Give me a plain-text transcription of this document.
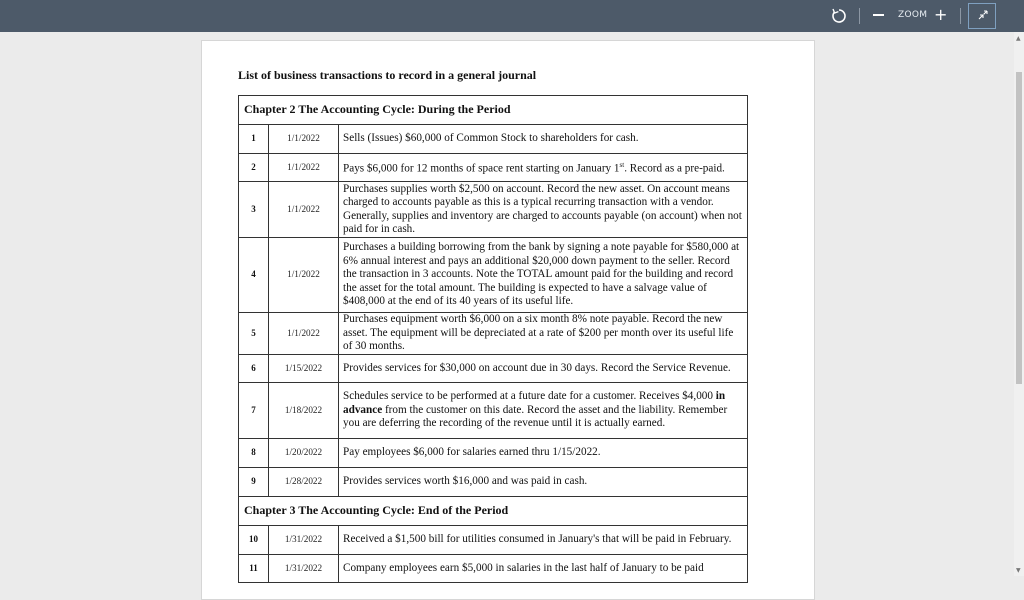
ZOOM +
▲
▼
List of business transactions to record in a general journal
Chapter 2 The Accounting Cycle: During the Period		
1	1/1/2022	Sells (Issues) $60,000 of Common Stock to shareholders for cash.
2	1/1/2022	Pays $6,000 for 12 months of space rent starting on January 1st. Record as a pre-paid.
3	1/1/2022	Purchases supplies worth $2,500 on account. Record the new asset. On account means charged to accounts payable as this is a typical recurring transaction with a vendor. Generally, supplies and inventory are charged to accounts payable (on account) when not paid for in cash.
4	1/1/2022	Purchases a building borrowing from the bank by signing a note payable for $580,000 at 6% annual interest and pays an additional $20,000 down payment to the seller. Record the transaction in 3 accounts. Note the TOTAL amount paid for the building and record the asset for the total amount. The building is expected to have a salvage value of $408,000 at the end of its 40 years of its useful life.
5	1/1/2022	Purchases equipment worth $6,000 on a six month 8% note payable. Record the new asset. The equipment will be depreciated at a rate of $200 per month over its useful life of 30 months.
6	1/15/2022	Provides services for $30,000 on account due in 30 days. Record the Service Revenue.
7	1/18/2022	Schedules service to be performed at a future date for a customer. Receives $4,000 in advance from the customer on this date. Record the asset and the liability. Remember you are deferring the recording of the revenue until it is actually earned.
8	1/20/2022	Pay employees $6,000 for salaries earned thru 1/15/2022.
9	1/28/2022	Provides services worth $16,000 and was paid in cash.
Chapter 3 The Accounting Cycle: End of the Period		
10	1/31/2022	Received a $1,500 bill for utilities consumed in January's that will be paid in February.
11	1/31/2022	Company employees earn $5,000 in salaries in the last half of January to be paid
